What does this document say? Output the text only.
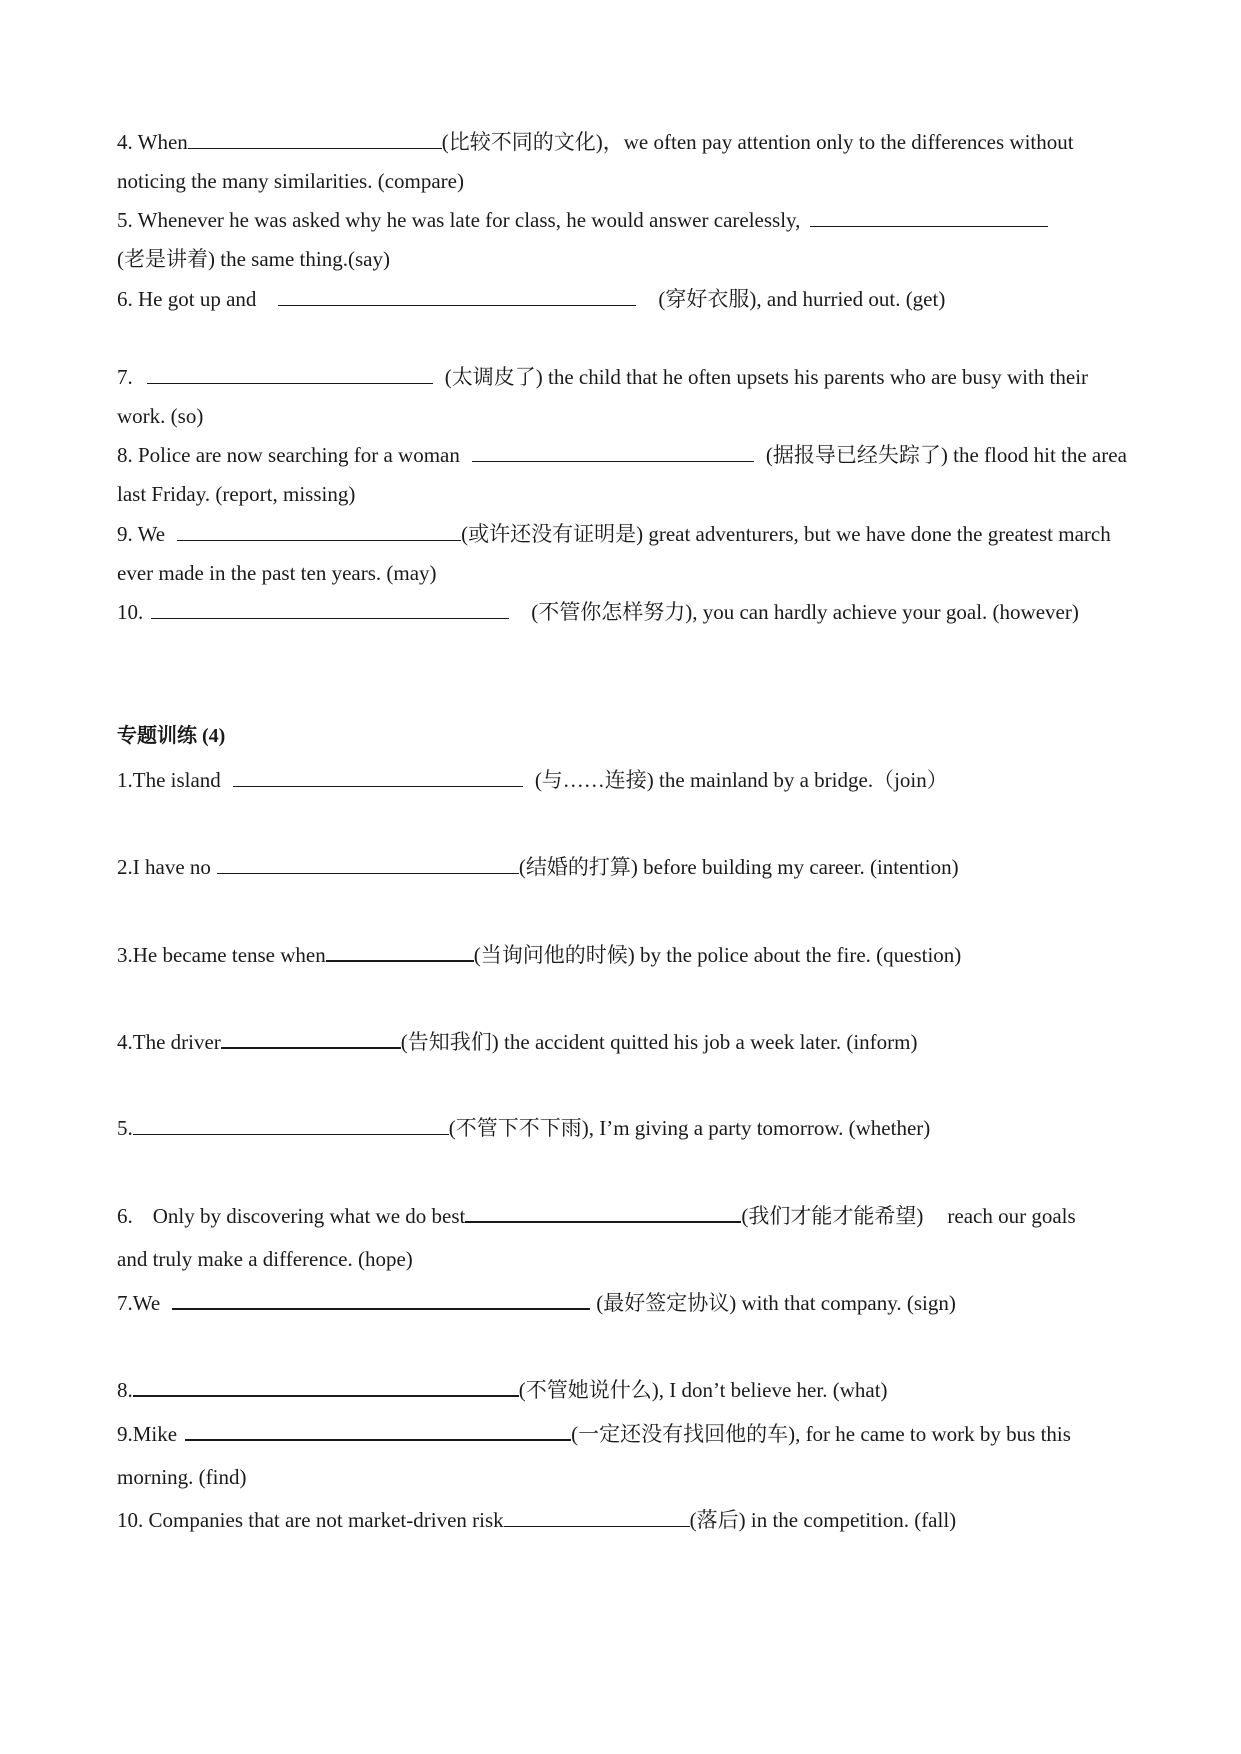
4. When	(比较不同的文化)，we often pay attention only to the differences without
noticing the many similarities. (compare)
5. Whenever he was asked why he was late for class, he would answer carelessly,
(老是讲着) the same thing.(say)
6. He got up and	(穿好衣服), and hurried out. (get)
7.	(太调皮了) the child that he often upsets his parents who are busy with their
work. (so)
8. Police are now searching for a woman	(据报导已经失踪了) the flood hit the area
last Friday. (report, missing)
9. We	(或许还没有证明是) great adventurers, but we have done the greatest march
ever made in the past ten years. (may)
10.	(不管你怎样努力), you can hardly achieve your goal. (however)
专题训练 (4)
1.The island	(与……连接) the mainland by a bridge.（join）
2.I have no	(结婚的打算) before building my career. (intention)
3.He became tense when	(当询问他的时候) by the police about the fire. (question)
4.The driver	(告知我们) the accident quitted his job a week later. (inform)
5.	(不管下不下雨), I’m giving a party tomorrow. (whether)
6. Only by discovering what we do best	(我们才能才能希望) reach our goals
and truly make a difference. (hope)
7.We	(最好签定协议) with that company. (sign)
8.	(不管她说什么), I don’t believe her. (what)
9.Mike	(一定还没有找回他的车), for he came to work by bus this
morning. (find)
10. Companies that are not market-driven risk	(落后) in the competition. (fall)
